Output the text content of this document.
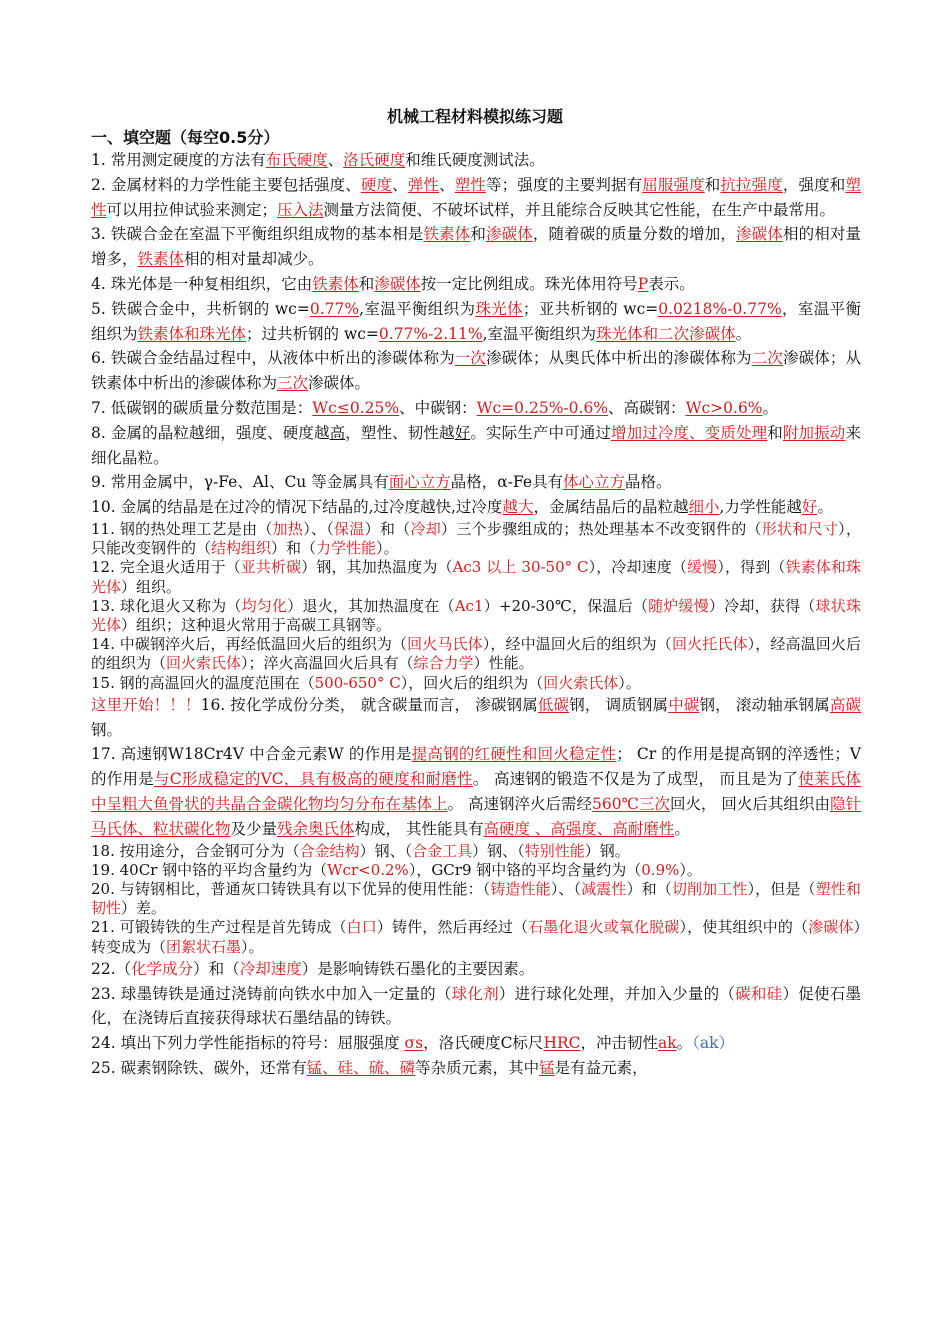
机械工程材料模拟练习题
一、填空题（每空0.5分）
1. 常用测定硬度的方法有布氏硬度、洛氏硬度和维氏硬度测试法。
2. 金属材料的力学性能主要包括强度、硬度、弹性、塑性等；强度的主要判据有屈服强度和抗拉强度，强度和塑性可以用拉伸试验来测定；压入法测量方法简便、不破坏试样，并且能综合反映其它性能，在生产中最常用。
3. 铁碳合金在室温下平衡组织组成物的基本相是铁素体和渗碳体，随着碳的质量分数的增加，渗碳体相的相对量增多，铁素体相的相对量却减少。
4. 珠光体是一种复相组织，它由铁素体和渗碳体按一定比例组成。珠光体用符号P表示。
5. 铁碳合金中，共析钢的 wc=0.77%,室温平衡组织为珠光体；亚共析钢的 wc=0.0218%-0.77%，室温平衡组织为铁素体和珠光体；过共析钢的 wc=0.77%-2.11%,室温平衡组织为珠光体和二次渗碳体。
6. 铁碳合金结晶过程中，从液体中析出的渗碳体称为一次渗碳体；从奥氏体中析出的渗碳体称为二次渗碳体；从铁素体中析出的渗碳体称为三次渗碳体。
7. 低碳钢的碳质量分数范围是：Wc≤0.25%、中碳钢：Wc=0.25%-0.6%、高碳钢：Wc>0.6%。
8. 金属的晶粒越细，强度、硬度越高，塑性、韧性越好。实际生产中可通过增加过冷度、变质处理和附加振动来细化晶粒。
9. 常用金属中，γ-Fe、Al、Cu 等金属具有面心立方晶格，α-Fe具有体心立方晶格。
10. 金属的结晶是在过冷的情况下结晶的,过冷度越快,过冷度越大，金属结晶后的晶粒越细小,力学性能越好。
11. 钢的热处理工艺是由（加热）、（保温）和（冷却）三个步骤组成的；热处理基本不改变钢件的（形状和尺寸），只能改变钢件的（结构组织）和（力学性能）。
12. 完全退火适用于（亚共析碳）钢，其加热温度为（Ac3 以上 30-50° C），冷却速度（缓慢），得到（铁素体和珠光体）组织。
13. 球化退火又称为（均匀化）退火，其加热温度在（Ac1）+20-30℃，保温后（随炉缓慢）冷却，获得（球状珠光体）组织；这种退火常用于高碳工具钢等。
14. 中碳钢淬火后，再经低温回火后的组织为（回火马氏体），经中温回火后的组织为（回火托氏体），经高温回火后的组织为（回火索氏体）；淬火高温回火后具有（综合力学）性能。
15. 钢的高温回火的温度范围在（500-650° C），回火后的组织为（回火索氏体）。
这里开始！！！16. 按化学成份分类， 就含碳量而言， 渗碳钢属低碳钢， 调质钢属中碳钢， 滚动轴承钢属高碳钢。
17. 高速钢W18Cr4V 中合金元素W 的作用是提高钢的红硬性和回火稳定性； Cr 的作用是提高钢的淬透性；V 的作用是与C形成稳定的VC，具有极高的硬度和耐磨性。 高速钢的锻造不仅是为了成型， 而且是为了使莱氏体中呈粗大鱼骨状的共晶合金碳化物均匀分布在基体上。 高速钢淬火后需经560℃三次回火， 回火后其组织由隐针马氏体、粒状碳化物及少量残余奥氏体构成， 其性能具有高硬度 、高强度、高耐磨性。
18. 按用途分，合金钢可分为（合金结构）钢、（合金工具）钢、（特别性能）钢。
19. 40Cr 钢中铬的平均含量约为（Wcr<0.2%），GCr9 钢中铬的平均含量约为（0.9%）。
20. 与铸钢相比，普通灰口铸铁具有以下优异的使用性能：（铸造性能）、（减震性）和（切削加工性），但是（塑性和韧性）差。
21. 可锻铸铁的生产过程是首先铸成（白口）铸件，然后再经过（石墨化退火或氧化脱碳），使其组织中的（渗碳体）转变成为（团絮状石墨）。
22.（化学成分）和（冷却速度）是影响铸铁石墨化的主要因素。
23. 球墨铸铁是通过浇铸前向铁水中加入一定量的（球化剂）进行球化处理，并加入少量的（碳和硅）促使石墨化，在浇铸后直接获得球状石墨结晶的铸铁。
24. 填出下列力学性能指标的符号：屈服强度 σs，洛氏硬度C标尺HRC，冲击韧性ak。（ak）
25. 碳素钢除铁、碳外，还常有锰、硅、硫、磷等杂质元素，其中锰是有益元素，
